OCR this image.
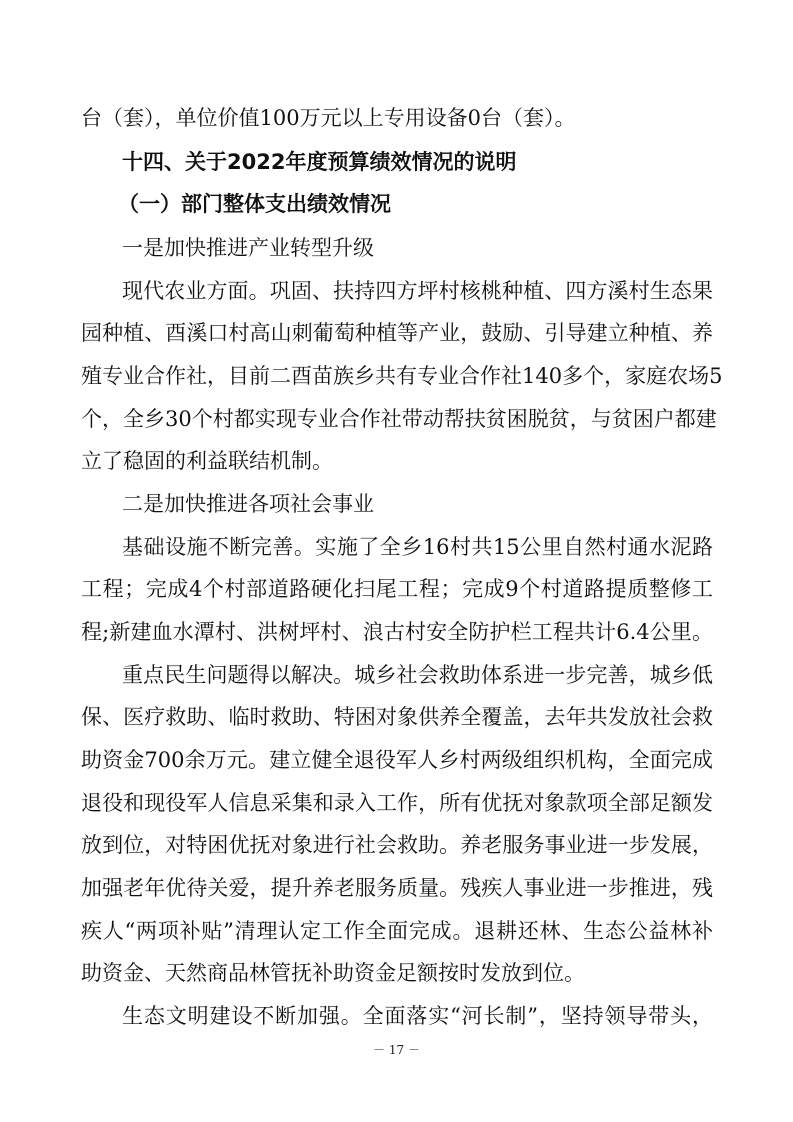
台（套），单位价值100万元以上专用设备0台（套）。
十四、关于2022年度预算绩效情况的说明
（一）部门整体支出绩效情况
一是加快推进产业转型升级
现代农业方面。巩固、扶持四方坪村核桃种植、四方溪村生态果
园种植、酉溪口村高山刺葡萄种植等产业，鼓励、引导建立种植、养
殖专业合作社，目前二酉苗族乡共有专业合作社140多个，家庭农场5
个，全乡30个村都实现专业合作社带动帮扶贫困脱贫，与贫困户都建
立了稳固的利益联结机制。
二是加快推进各项社会事业
基础设施不断完善。实施了全乡16村共15公里自然村通水泥路
工程；完成4个村部道路硬化扫尾工程；完成9个村道路提质整修工
程;新建血水潭村、洪树坪村、浪古村安全防护栏工程共计6.4公里。
重点民生问题得以解决。城乡社会救助体系进一步完善，城乡低
保、医疗救助、临时救助、特困对象供养全覆盖，去年共发放社会救
助资金700余万元。建立健全退役军人乡村两级组织机构，全面完成
退役和现役军人信息采集和录入工作，所有优抚对象款项全部足额发
放到位，对特困优抚对象进行社会救助。养老服务事业进一步发展，
加强老年优待关爱，提升养老服务质量。残疾人事业进一步推进，残
疾人“两项补贴”清理认定工作全面完成。退耕还林、生态公益林补
助资金、天然商品林管抚补助资金足额按时发放到位。
生态文明建设不断加强。全面落实“河长制”，坚持领导带头，
－ 17 －
